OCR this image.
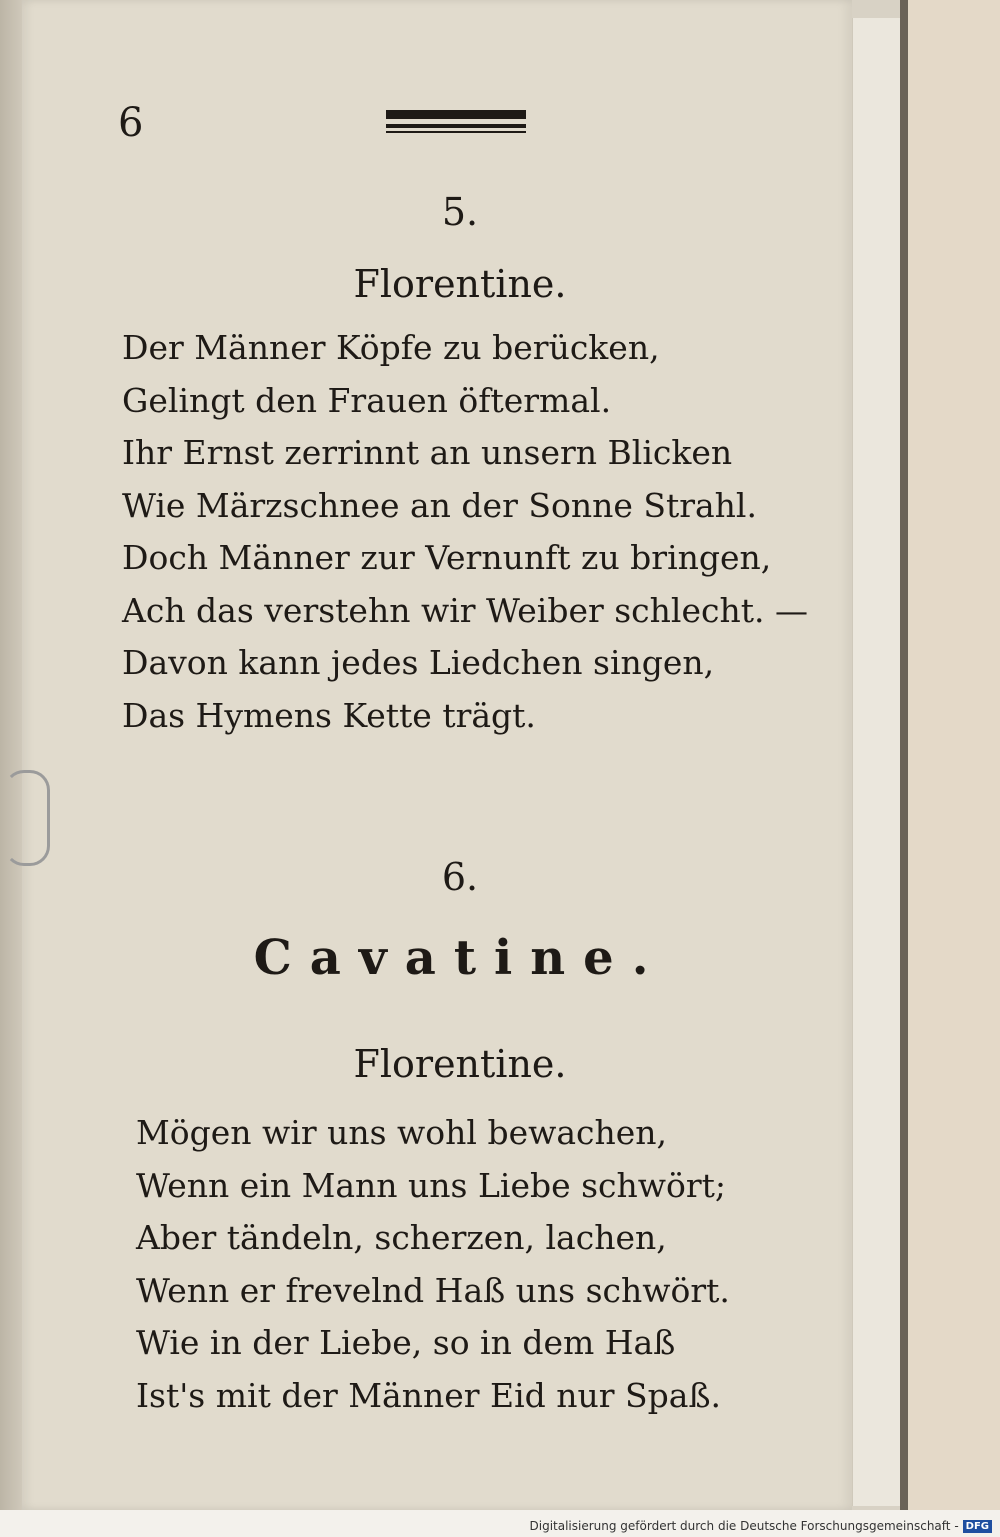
6
5.
Florentine.
Der Männer Köpfe zu berücken,
Gelingt den Frauen öftermal.
Ihr Ernst zerrinnt an unsern Blicken
Wie Märzschnee an der Sonne Strahl.
Doch Männer zur Vernunft zu bringen,
Ach das verstehn wir Weiber schlecht. —
Davon kann jedes Liedchen singen,
Das Hymens Kette trägt.
6.
Cavatine.
Florentine.
Mögen wir uns wohl bewachen,
Wenn ein Mann uns Liebe schwört;
Aber tändeln, scherzen, lachen,
Wenn er frevelnd Haß uns schwört.
Wie in der Liebe, so in dem Haß
Ist's mit der Männer Eid nur Spaß.
Digitalisierung gefördert durch die Deutsche Forschungsgemeinschaft - DFG
